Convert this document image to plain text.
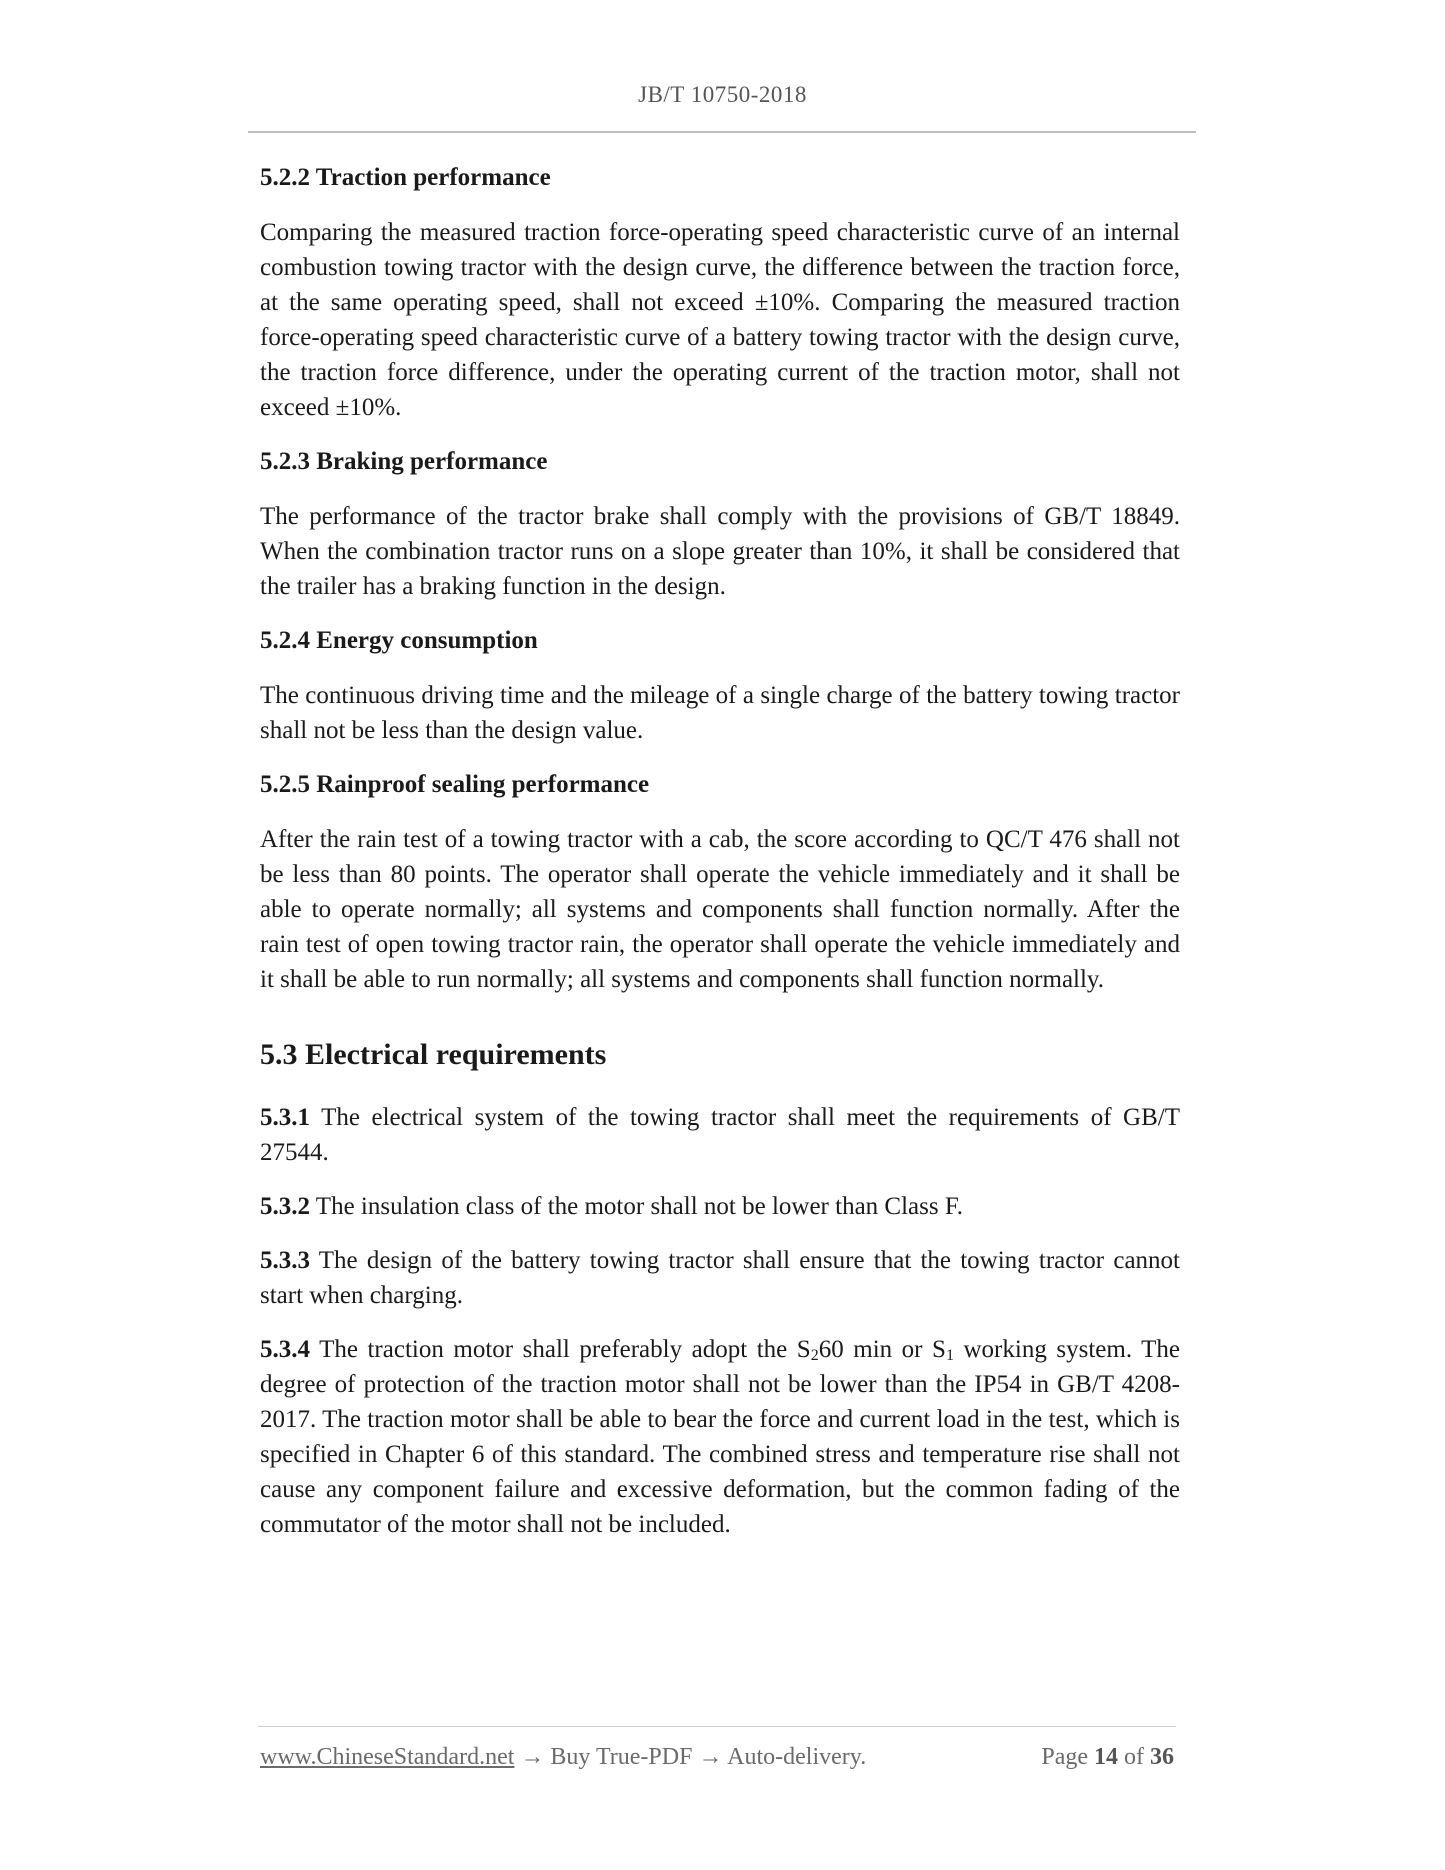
JB/T 10750-2018
5.2.2 Traction performance

Comparing the measured traction force-operating speed characteristic curve of an internal combustion towing tractor with the design curve, the difference between the traction force, at the same operating speed, shall not exceed ±10%. Comparing the measured traction force-operating speed characteristic curve of a battery towing tractor with the design curve, the traction force difference, under the operating current of the traction motor, shall not exceed ±10%.

5.2.3 Braking performance

The performance of the tractor brake shall comply with the provisions of GB/T 18849. When the combination tractor runs on a slope greater than 10%, it shall be considered that the trailer has a braking function in the design.

5.2.4 Energy consumption

The continuous driving time and the mileage of a single charge of the battery towing tractor shall not be less than the design value.

5.2.5 Rainproof sealing performance

After the rain test of a towing tractor with a cab, the score according to QC/T 476 shall not be less than 80 points. The operator shall operate the vehicle immediately and it shall be able to operate normally; all systems and components shall function normally. After the rain test of open towing tractor rain, the operator shall operate the vehicle immediately and it shall be able to run normally; all systems and components shall function normally.

5.3 Electrical requirements

5.3.1 The electrical system of the towing tractor shall meet the requirements of GB/T 27544.

5.3.2 The insulation class of the motor shall not be lower than Class F.

5.3.3 The design of the battery towing tractor shall ensure that the towing tractor cannot start when charging.

5.3.4 The traction motor shall preferably adopt the $S_260$ min or $S_1$ working system. The degree of protection of the traction motor shall not be lower than the IP54 in GB/T 4208-2017. The traction motor shall be able to bear the force and current load in the test, which is specified in Chapter 6 of this standard. The combined stress and temperature rise shall not cause any component failure and excessive deformation, but the common fading of the commutator of the motor shall not be included.

www.ChineseStandard.net → Buy True-PDF → Auto-delivery.	Page 14 of 36
